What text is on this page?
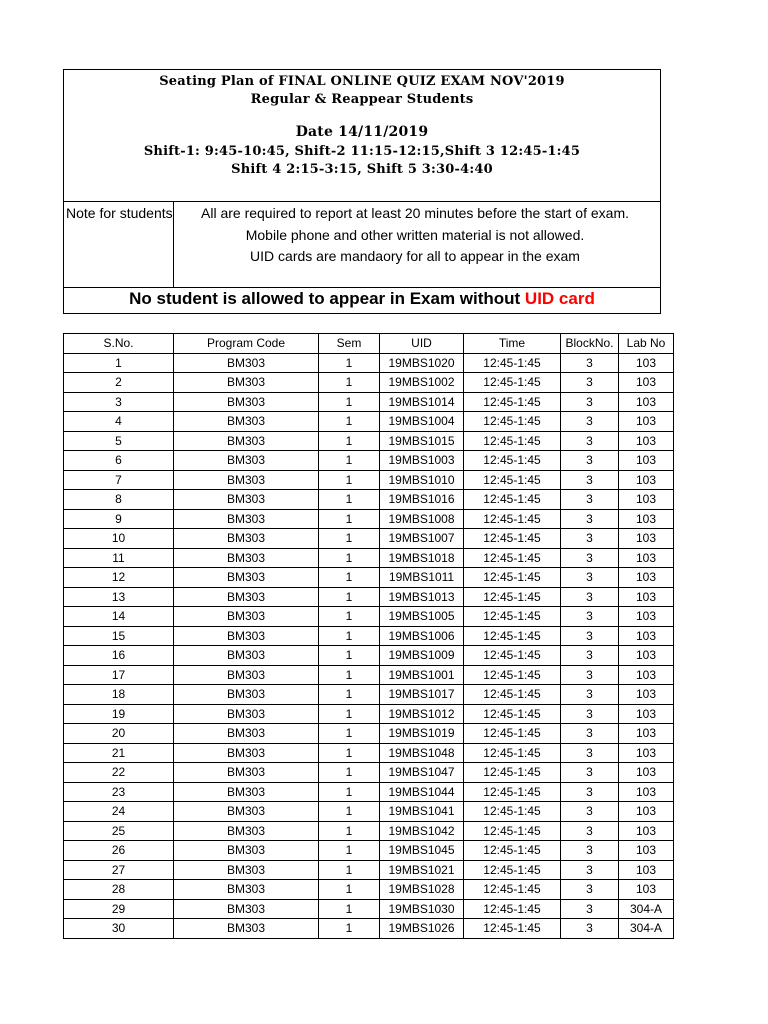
Seating Plan of FINAL ONLINE QUIZ EXAM NOV'2019
Regular & Reappear Students
Date 14/11/2019
Shift-1: 9:45-10:45, Shift-2 11:15-12:15,Shift 3 12:45-1:45
Shift 4 2:15-3:15, Shift 5 3:30-4:40
Note for students	All are required to report at least 20 minutes before the start of exam.
Mobile phone and other written material is not allowed.
UID cards are mandaory for all to appear in the exam
No student is allowed to appear in Exam without UID card
S.No.	Program Code	Sem	UID	Time	BlockNo.	Lab No
1	BM303	1	19MBS1020	12:45-1:45	3	103
2	BM303	1	19MBS1002	12:45-1:45	3	103
3	BM303	1	19MBS1014	12:45-1:45	3	103
4	BM303	1	19MBS1004	12:45-1:45	3	103
5	BM303	1	19MBS1015	12:45-1:45	3	103
6	BM303	1	19MBS1003	12:45-1:45	3	103
7	BM303	1	19MBS1010	12:45-1:45	3	103
8	BM303	1	19MBS1016	12:45-1:45	3	103
9	BM303	1	19MBS1008	12:45-1:45	3	103
10	BM303	1	19MBS1007	12:45-1:45	3	103
11	BM303	1	19MBS1018	12:45-1:45	3	103
12	BM303	1	19MBS1011	12:45-1:45	3	103
13	BM303	1	19MBS1013	12:45-1:45	3	103
14	BM303	1	19MBS1005	12:45-1:45	3	103
15	BM303	1	19MBS1006	12:45-1:45	3	103
16	BM303	1	19MBS1009	12:45-1:45	3	103
17	BM303	1	19MBS1001	12:45-1:45	3	103
18	BM303	1	19MBS1017	12:45-1:45	3	103
19	BM303	1	19MBS1012	12:45-1:45	3	103
20	BM303	1	19MBS1019	12:45-1:45	3	103
21	BM303	1	19MBS1048	12:45-1:45	3	103
22	BM303	1	19MBS1047	12:45-1:45	3	103
23	BM303	1	19MBS1044	12:45-1:45	3	103
24	BM303	1	19MBS1041	12:45-1:45	3	103
25	BM303	1	19MBS1042	12:45-1:45	3	103
26	BM303	1	19MBS1045	12:45-1:45	3	103
27	BM303	1	19MBS1021	12:45-1:45	3	103
28	BM303	1	19MBS1028	12:45-1:45	3	103
29	BM303	1	19MBS1030	12:45-1:45	3	304-A
30	BM303	1	19MBS1026	12:45-1:45	3	304-A
